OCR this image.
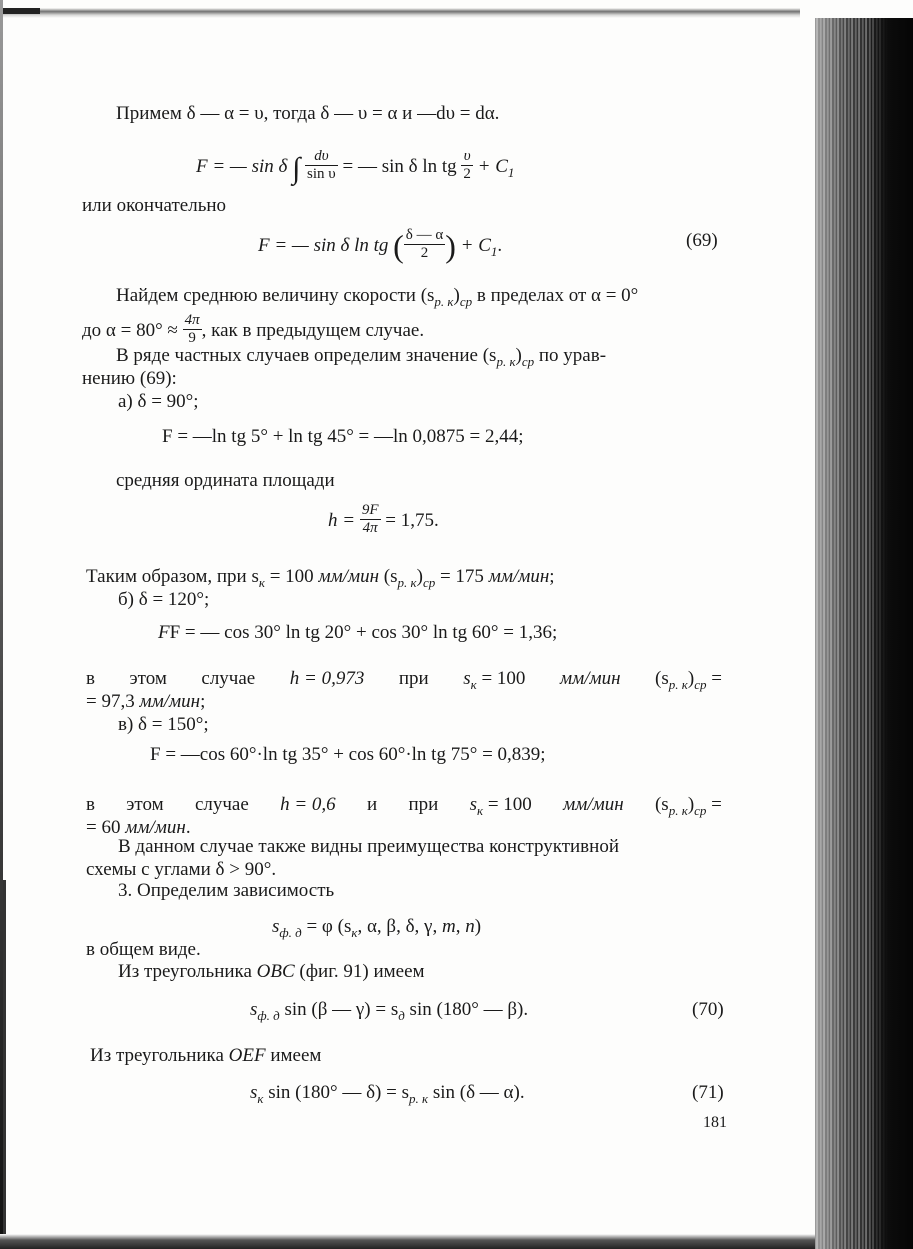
Примем δ — α = υ, тогда δ — υ = α и —dυ = dα.
F = — sin δ ∫ $\frac{d\upsilon}{\text{sin υ}}$ = — sin δ ln tg $\frac{\upsilon}{2} + C_1$
или окончательно
F = — sin δ ln tg ( $\frac{\delta — \alpha}{2}$ ) + $C_1$.	(69)
Найдем среднюю величину скорости $(s_{р. к})_{ср}$ в пределах от α = 0°
до $\alpha = 80^\circ \approx \frac{4\pi}{9}$ , как в предыдущем случае.
В ряде частных случаев определим значение $(s_{р. к})_{ср}$ по урав-
нению (69):
а) δ = 90°;
F = —ln tg 5° + ln tg 45° = —ln 0,0875 = 2,44;
средняя ордината площади
$h = \frac{9F}{4\pi} = 1,75$.
Таким образом, при $s_к = 100$ мм/мин $(s_{р. к})_{ср} = 175$ мм/мин;
б) δ = 120°;
FF = — cos 30° ln tg 20° + cos 30° ln tg 60° = 1,36;
в этом случае h = 0,973 при $s_к = 100$ мм/мин $(s_{р. к})_{ср}$ =
= 97,3 мм/мин;
в) δ = 150°;
F = —cos 60°·ln tg 35° + cos 60°·ln tg 75° = 0,839;
в этом случае h = 0,6 и при $s_к = 100$ мм/мин $(s_{р. к})_{ср}$ =
= 60 мм/мин.
В данном случае также видны преимущества конструктивной
схемы с углами δ > 90°.
3. Определим зависимость
$s_{ф. д} = \varphi$ ($s_к$, α, β, δ, γ, m, n)
в общем виде.
Из треугольника OBC (фиг. 91) имеем
$s_{ф. д}$ sin (β — $\gamma) = s_д$ sin (180° — β).	(70)
Из треугольника OEF имеем
$s_к$ sin (180° — $\delta) = s_{р. к}$ sin (δ — α).	(71)
181
